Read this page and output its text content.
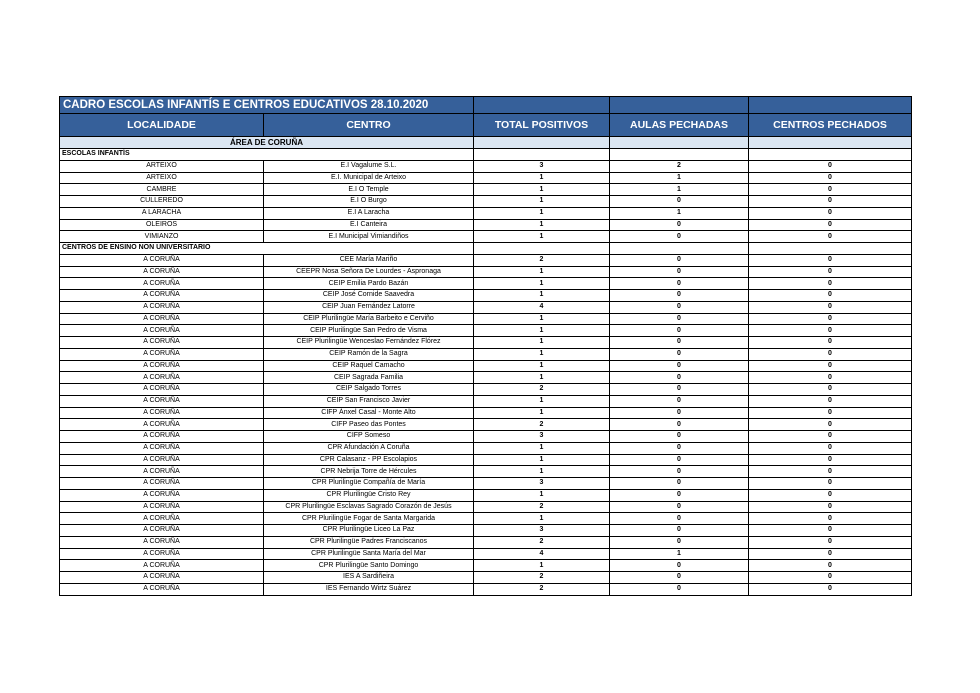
CADRO ESCOLAS INFANTÍS E CENTROS EDUCATIVOS 28.10.2020				
LOCALIDADE	CENTRO	TOTAL POSITIVOS	AULAS PECHADAS	CENTROS PECHADOS
ÁREA DE CORUÑA				
ESCOLAS INFANTÍS				
ARTEIXO	E.I Vagalume S.L.	3	2	0
ARTEIXO	E.I. Municipal de Arteixo	1	1	0
CAMBRE	E.I O Temple	1	1	0
CULLEREDO	E.I O Burgo	1	0	0
A LARACHA	E.I A Laracha	1	1	0
OLEIROS	E.I Canteira	1	0	0
VIMIANZO	E.I Municipal Vimiandiños	1	0	0
CENTROS DE ENSINO NON UNIVERSITARIO				
A CORUÑA	CEE María Mariño	2	0	0
A CORUÑA	CEEPR Nosa Señora De Lourdes - Aspronaga	1	0	0
A CORUÑA	CEIP Emilia Pardo Bazán	1	0	0
A CORUÑA	CEIP José Cornide Saavedra	1	0	0
A CORUÑA	CEIP Juan Fernández Latorre	4	0	0
A CORUÑA	CEIP Plurilingüe María Barbeito e Cerviño	1	0	0
A CORUÑA	CEIP Plurilingüe San Pedro de Visma	1	0	0
A CORUÑA	CEIP Plurilingüe Wenceslao Fernández Flórez	1	0	0
A CORUÑA	CEIP Ramón de la Sagra	1	0	0
A CORUÑA	CEIP Raquel Camacho	1	0	0
A CORUÑA	CEIP Sagrada Familia	1	0	0
A CORUÑA	CEIP Salgado Torres	2	0	0
A CORUÑA	CEIP San Francisco Javier	1	0	0
A CORUÑA	CIFP Ánxel Casal - Monte Alto	1	0	0
A CORUÑA	CIFP Paseo das Pontes	2	0	0
A CORUÑA	CIFP Someso	3	0	0
A CORUÑA	CPR Afundación A Coruña	1	0	0
A CORUÑA	CPR Calasanz - PP Escolapios	1	0	0
A CORUÑA	CPR Nebrija Torre de Hércules	1	0	0
A CORUÑA	CPR Plurilingüe Compañía de María	3	0	0
A CORUÑA	CPR Plurilingüe Cristo Rey	1	0	0
A CORUÑA	CPR Plurilingüe Esclavas Sagrado Corazón de Jesús	2	0	0
A CORUÑA	CPR Plurilingüe Fogar de Santa Margarida	1	0	0
A CORUÑA	CPR Plurilingüe Liceo La Paz	3	0	0
A CORUÑA	CPR Plurilingüe Padres Franciscanos	2	0	0
A CORUÑA	CPR Plurilingüe Santa María del Mar	4	1	0
A CORUÑA	CPR Plurilingüe Santo Domingo	1	0	0
A CORUÑA	IES A Sardiñeira	2	0	0
A CORUÑA	IES Fernando Wirtz Suárez	2	0	0
